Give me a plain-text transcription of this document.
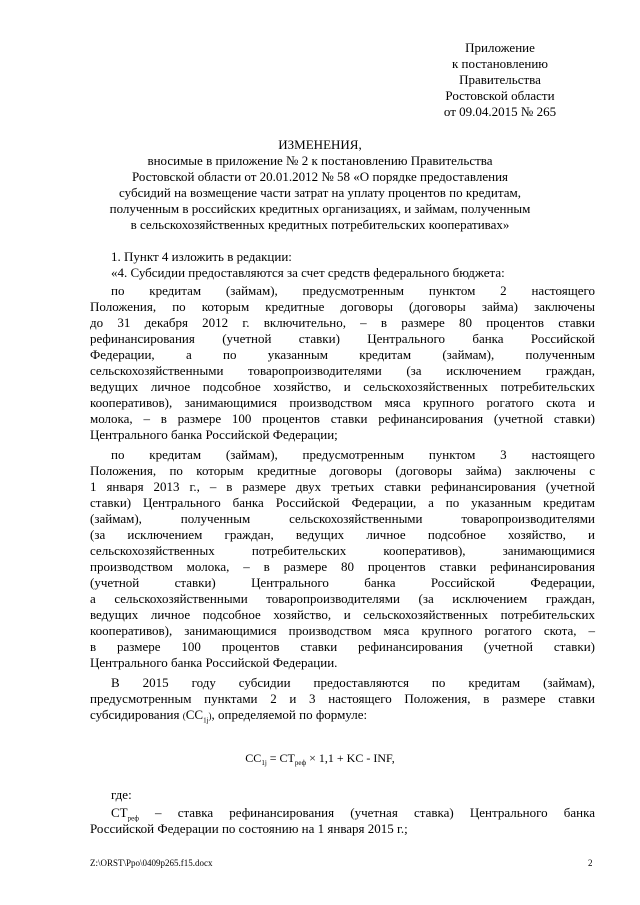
Приложение
к постановлению
Правительства
Ростовской области
от 09.04.2015 № 265
ИЗМЕНЕНИЯ,
вносимые в приложение № 2 к постановлению Правительства
Ростовской области от 20.01.2012 № 58 «О порядке предоставления
субсидий на возмещение части затрат на уплату процентов по кредитам,
полученным в российских кредитных организациях, и займам, полученным
в сельскохозяйственных кредитных потребительских кооперативах»
1. Пункт 4 изложить в редакции:
«4. Субсидии предоставляются за счет средств федерального бюджета:
по кредитам (займам), предусмотренным пунктом 2 настоящего
Положения, по которым кредитные договоры (договоры займа) заключены
до 31 декабря 2012 г. включительно, – в размере 80 процентов ставки
рефинансирования (учетной ставки) Центрального банка Российской
Федерации, а по указанным кредитам (займам), полученным
сельскохозяйственными товаропроизводителями (за исключением граждан,
ведущих личное подсобное хозяйство, и сельскохозяйственных потребительских
кооперативов), занимающимися производством мяса крупного рогатого скота и
молока, – в размере 100 процентов ставки рефинансирования (учетной ставки)
Центрального банка Российской Федерации;
по кредитам (займам), предусмотренным пунктом 3 настоящего
Положения, по которым кредитные договоры (договоры займа) заключены с
1 января 2013 г., – в размере двух третьих ставки рефинансирования (учетной
ставки) Центрального банка Российской Федерации, а по указанным кредитам
(займам), полученным сельскохозяйственными товаропроизводителями
(за исключением граждан, ведущих личное подсобное хозяйство, и
сельскохозяйственных потребительских кооперативов), занимающимися
производством молока, – в размере 80 процентов ставки рефинансирования
(учетной ставки) Центрального банка Российской Федерации,
а сельскохозяйственными товаропроизводителями (за исключением граждан,
ведущих личное подсобное хозяйство, и сельскохозяйственных потребительских
кооперативов), занимающимися производством мяса крупного рогатого скота, –
в размере 100 процентов ставки рефинансирования (учетной ставки)
Центрального банка Российской Федерации.
В 2015 году субсидии предоставляются по кредитам (займам),
предусмотренным пунктами 2 и 3 настоящего Положения, в размере ставки
субсидирования $(CC_{1j})$, определяемой по формуле:
$CC_{1j} = CT_{реф} \times 1,1$ + KC - INF,
где:
$CT_{реф}$ – ставка рефинансирования (учетная ставка) Центрального банка
Российской Федерации по состоянию на 1 января 2015 г.;
Z:\ORST\Ppo\0409p265.f15.docx	2
